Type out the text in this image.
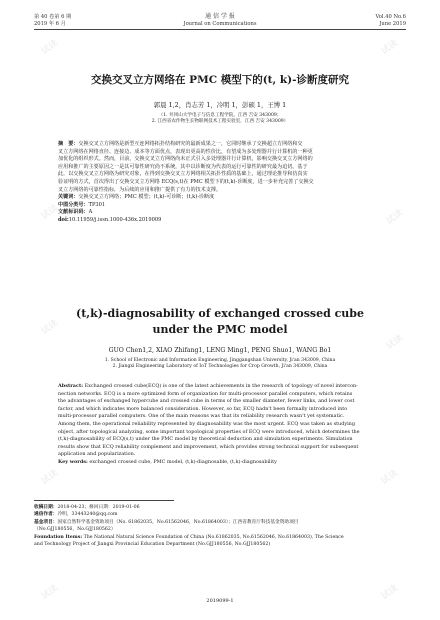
试读	试读
试读	试读
试读
试读
试读	试读
试读	试读
第 40 卷第 6 期
2019 年 6 月
通 信 学 报
Journal on Communications
Vol.40 No.6
June 2019
交换交叉立方网络在 PMC 模型下的(t, k)-诊断度研究
郭晨 1,2，肖志芳 1，冷明 1，彭硕 1，王博 1
（1. 井冈山大学电子与信息工程学院，江西 吉安 343009；
2. 江西省农作物生长物联网技术工程实验室，江西 吉安 343009）
摘　要：交换交叉立方网络是新型互连网络拓扑结构研究的最新成果之一，它同时继承了交换超立方网络和交
叉立方网络在网络直径、连接边、成本等方面优点，表现出更高的性价比，有望成为多处理器并行计算机的一种更
加优化的组织形式。然而，目前，交换交叉立方网络尚未正式引入多处理器并行计算机，影响交换交叉立方网络的
应用和推广的主要原因之一是其可靠性研究尚不系统，其中以诊断度为代表的运行可靠性的研究最为迫切。基于
此，以交换交叉立方网络为研究对象，在得到交换交叉立方网络相关拓扑性质的基础上，通过理论推导和仿真实
验证明的方式，首次得出了交换交叉立方网络 ECQ(s,t)在 PMC 模型下的(t,k)-诊断度，进一步补充完善了交换交
叉立方网络的可靠性指标，为后续的应用和推广提供了有力的技术支撑。
关键词：交换交叉立方网络；PMC 模型；(t,k)-可诊断；(t,k)-诊断度
中图分类号：TP301
文献标识码：A
doi:10.11959/j.issn.1000-436x.2019009
(t,k)-diagnosability of exchanged crossed cube
under the PMC model
GUO Chen1,2, XIAO Zhifang1, LENG Ming1, PENG Shuo1, WANG Bo1
1. School of Electronic and Information Engineering, Jinggangshan University, Ji'an 343009, China
2. Jiangxi Engineering Laboratory of IoT Technologies for Crop Growth, Ji'an 343009, China
Abstract: Exchanged crossed cube(ECQ) is one of the latest achievements in the research of topology of novel intercon-
nection networks. ECQ is a more optimized form of organization for multi-processor parallel computers, which retains
the advantages of exchanged hypercube and crossed cube in terms of the smaller diameter, fewer links, and lower cost
factor, and which indicates more balanced consideration. However, so far, ECQ hadn't been formally introduced into
multi-processor parallel computers. One of the main reasons was that its reliability research wasn't yet systematic.
Among them, the operational reliability represented by diagnosability was the most urgent. ECQ was taken as studying
object, after topological analyzing, some important topological properties of ECQ were introduced, which determines the
(t,k)-diagnosability of ECQ(s,t) under the PMC model by theoretical deduction and simulation experiments. Simulation
results show that ECQ reliability complement and improvement, which provides strong technical support for subsequent
application and popularization.
Key words: exchanged crossed cube, PMC model, (t,k)-diagnosable, (t,k)-diagnosability
收稿日期：2018-04-23；修回日期：2019-01-06
通信作者：冷明，33443240@qq.com
基金项目：国家自然科学基金资助项目（No. 61862035，No.61562046，No.61864003）；江西省教育厅科技基金资助项目
（No.GJJ180556，No.GJJ180562）
Foundation Items: The National Natural Science Foundation of China (No.61862035, No.61562046, No.61864003), The Science
and Technology Project of Jiangxi Provincial Education Department (No.GJJ180556, No.GJJ180562)
2019099-1
